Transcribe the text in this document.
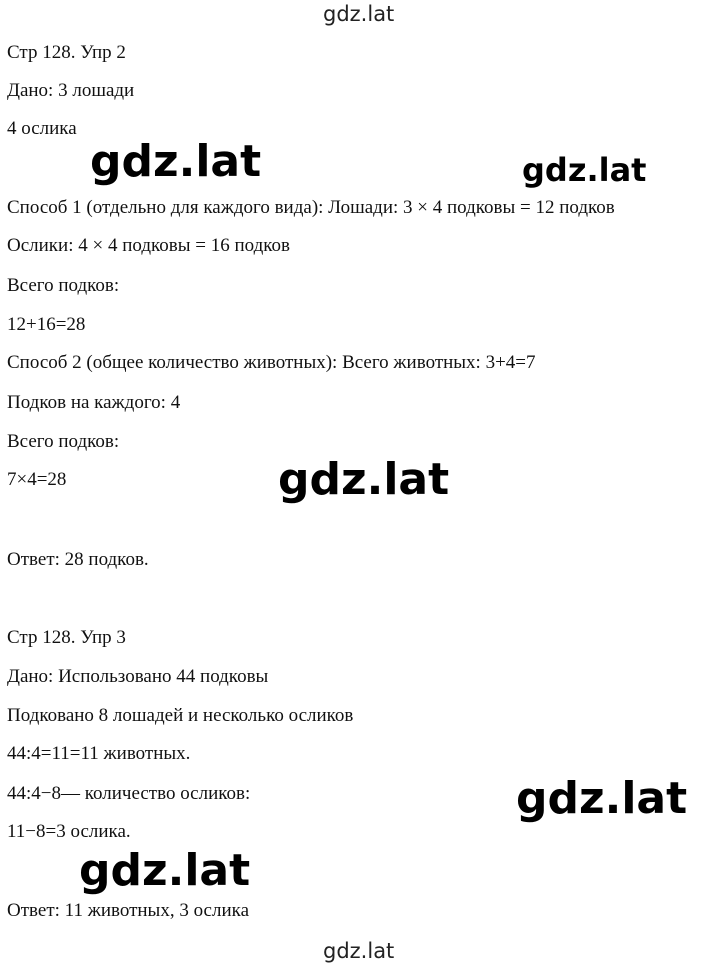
gdz.lat
gdz.lat	gdz.lat
gdz.lat
gdz.lat
gdz.lat
gdz.lat
Стр 128. Упр 2
Дано: 3 лошади
4 ослика
Способ 1 (отдельно для каждого вида): Лошади: 3 × 4 подковы = 12 подков
Ослики: 4 × 4 подковы = 16 подков
Всего подков:
12+16=28
Способ 2 (общее количество животных): Всего животных: 3+4=7
Подков на каждого: 4
Всего подков:
7×4=28
Ответ: 28 подков.
Стр 128. Упр 3
Дано: Использовано 44 подковы
Подковано 8 лошадей и несколько осликов
44:4=11=11 животных.
44:4−8— количество осликов:
11−8=3 ослика.
Ответ: 11 животных, 3 ослика
